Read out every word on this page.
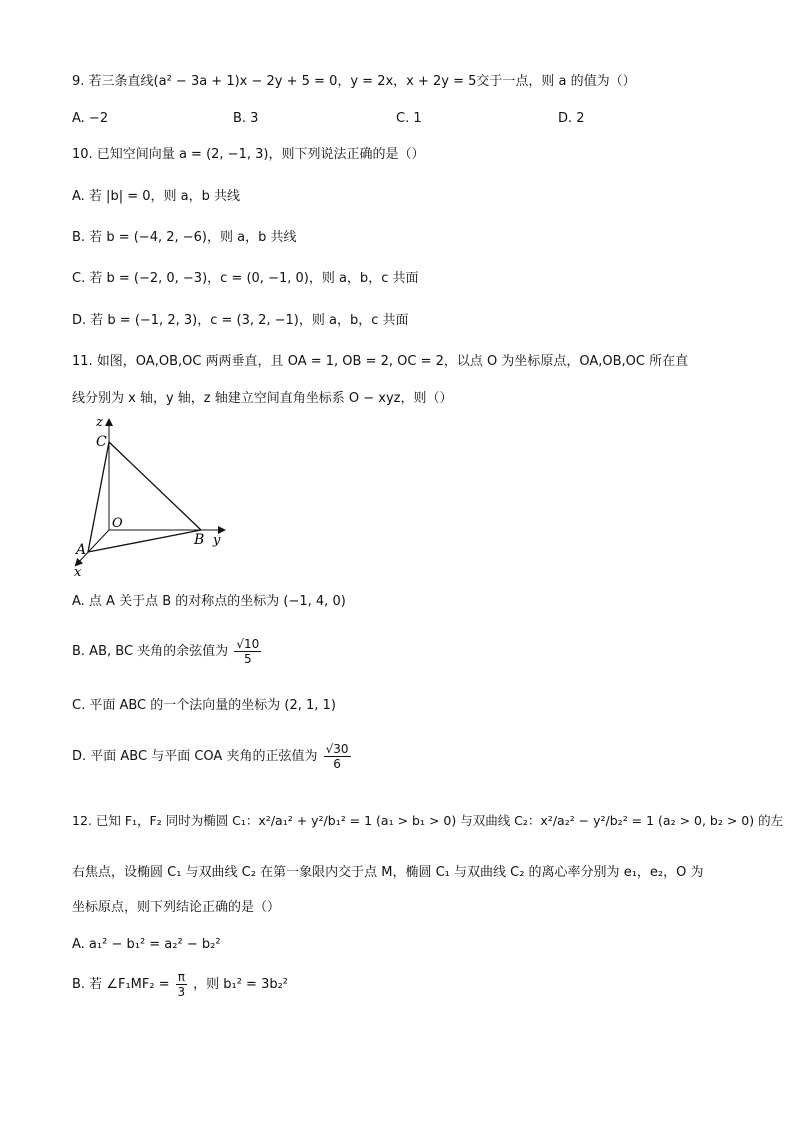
9. 若三条直线(a² − 3a + 1)x − 2y + 5 = 0，y = 2x，x + 2y = 5交于一点，则 a 的值为（）
A. −2	B. 3	C. 1	D. 2
10. 已知空间向量 a = (2, −1, 3)，则下列说法正确的是（）
A. 若 |b| = 0，则 a，b 共线
B. 若 b = (−4, 2, −6)，则 a，b 共线
C. 若 b = (−2, 0, −3)，c = (0, −1, 0)，则 a，b，c 共面
D. 若 b = (−1, 2, 3)，c = (3, 2, −1)，则 a，b，c 共面
11. 如图，OA,OB,OC 两两垂直，且 OA = 1, OB = 2, OC = 2，以点 O 为坐标原点，OA,OB,OC 所在直
线分别为 x 轴，y 轴，z 轴建立空间直角坐标系 O − xyz，则（）
z
C
O
A
B y
x
A. 点 A 关于点 B 的对称点的坐标为 (−1, 4, 0)
B. AB, BC 夹角的余弦值为 $\frac{√10}{5}$
C. 平面 ABC 的一个法向量的坐标为 (2, 1, 1)
D. 平面 ABC 与平面 COA 夹角的正弦值为 $\frac{√30}{6}$
12. 已知 F₁，F₂ 同时为椭圆 C₁：x²/a₁² + y²/b₁² = 1 (a₁ > b₁ > 0) 与双曲线 C₂：x²/a₂² − y²/b₂² = 1 (a₂ > 0, b₂ > 0) 的左
右焦点，设椭圆 C₁ 与双曲线 C₂ 在第一象限内交于点 M，椭圆 C₁ 与双曲线 C₂ 的离心率分别为 e₁，e₂，O 为
坐标原点，则下列结论正确的是（）
A. a₁² − b₁² = a₂² − b₂²
B. 若 ∠F₁MF₂ = $\frac{\pi}{3}$ ，则 b₁² = 3b₂²
